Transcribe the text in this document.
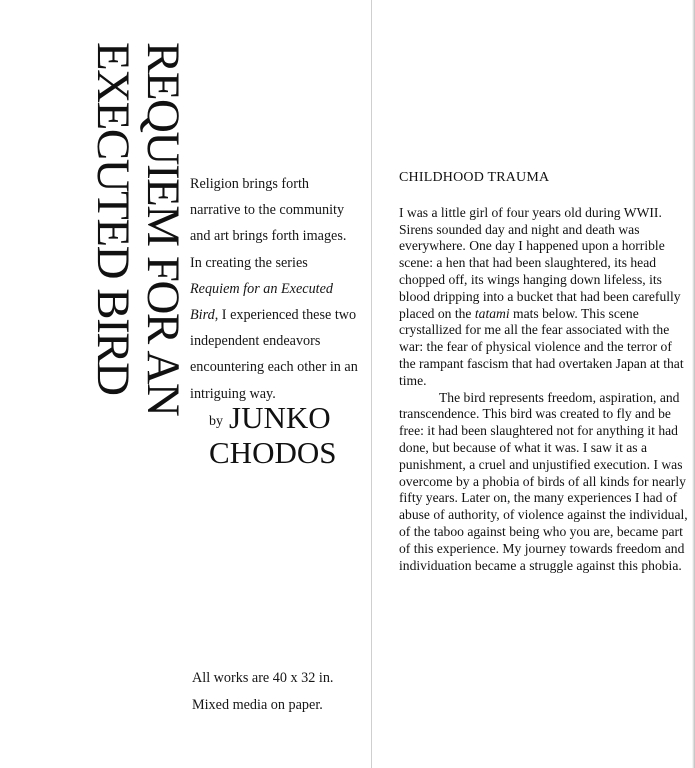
REQUIEM FOR AN
EXECUTED BIRD	Religion brings forth narrative to the community and art brings forth images. In creating the series Requiem for an Executed Bird, I experienced these two independent endeavors encountering each other in an intriguing way.
by JUNKO
CHODOS
All works are 40 x 32 in.
Mixed media on paper.
CHILDHOOD TRAUMA

I was a little girl of four years old during WWII. Sirens sounded day and night and death was everywhere. One day I happened upon a horrible scene: a hen that had been slaughtered, its head chopped off, its wings hanging down lifeless, its blood dripping into a bucket that had been carefully placed on the tatami mats below. This scene crystallized for me all the fear associated with the war: the fear of physical violence and the terror of the rampant fascism that had overtaken Japan at that time.

The bird represents freedom, aspiration, and transcendence. This bird was created to fly and be free: it had been slaughtered not for anything it had done, but because of what it was. I saw it as a punishment, a cruel and unjustified execution. I was overcome by a phobia of birds of all kinds for nearly fifty years. Later on, the many experiences I had of abuse of authority, of violence against the individual, of the taboo against being who you are, became part of this experience. My journey towards freedom and individuation became a struggle against this phobia.
